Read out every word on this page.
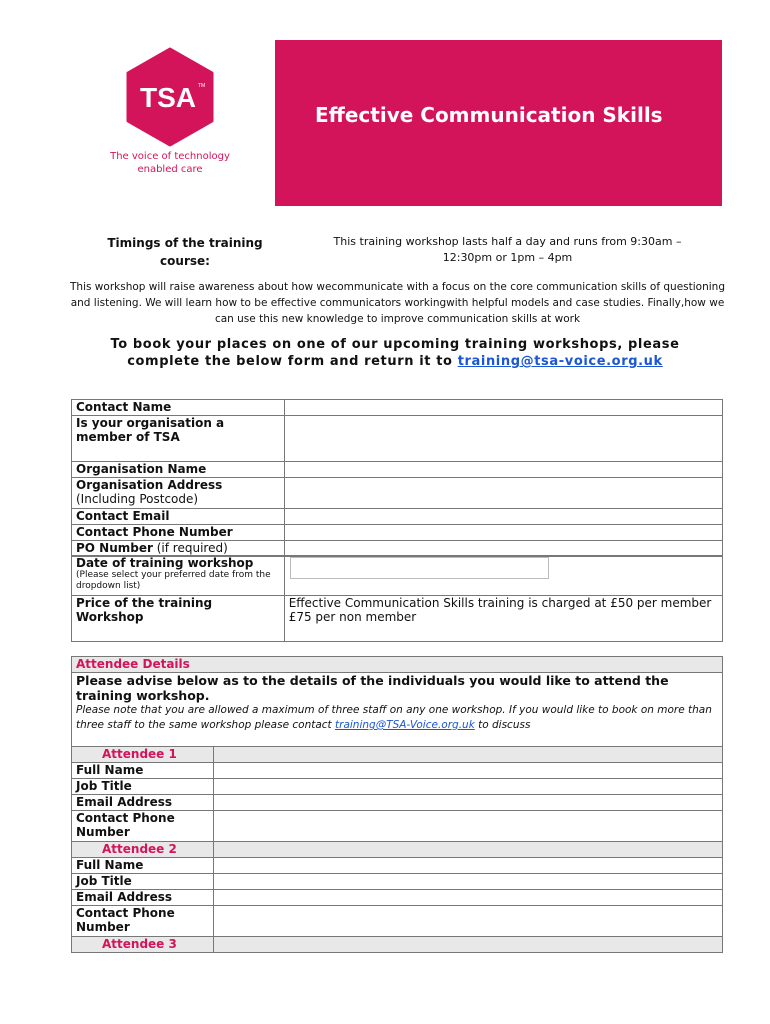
TSA TM
The voice of technology enabled care
Effective Communication Skills
Timings of the training course:
This training workshop lasts half a day and runs from 9:30am – 12:30pm or 1pm – 4pm
This workshop will raise awareness about how wecommunicate with a focus on the core communication skills of questioning and listening. We will learn how to be effective communicators workingwith helpful models and case studies. Finally,how we can use this new knowledge to improve communication skills at work
To book your places on one of our upcoming training workshops, please complete the below form and return it to training@tsa-voice.org.uk
Contact Name	
Is your organisation a member of TSA	
Organisation Name	

Organisation Address
(Including Postcode)	

Contact Email	
Contact Phone Number	
PO Number (if required)	
Date of training workshop
(Please select your preferred date from the dropdown list)	

Price of the training Workshop	Effective Communication Skills training is charged at £50 per member
£75 per non member
Attendee Details	

Please advise below as to the details of the individuals you would like to attend the training workshop.
Please note that you are allowed a maximum of three staff on any one workshop. If you would like to book on more than three staff to the same workshop please contact training@TSA-Voice.org.uk to discuss	

Attendee 1	
Full Name	
Job Title	
Email Address	
Contact Phone Number	
Attendee 2	
Full Name	
Job Title	
Email Address	
Contact Phone Number	
Attendee 3	
